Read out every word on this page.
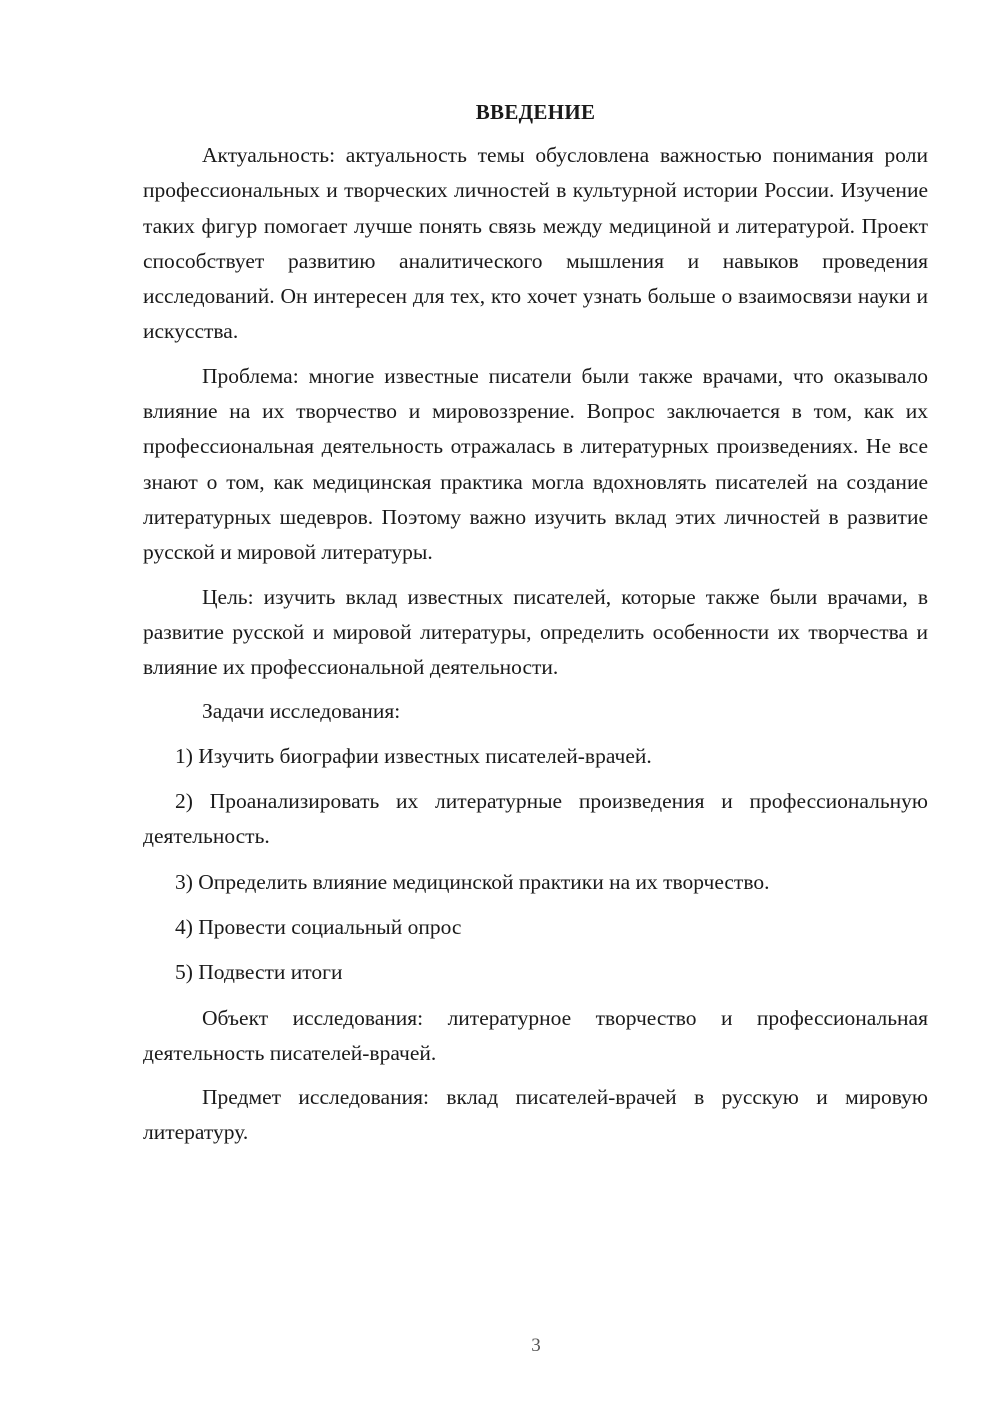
ВВЕДЕНИЕ

Актуальность: актуальность темы обусловлена важностью понимания роли профессиональных и творческих личностей в культурной истории России. Изучение таких фигур помогает лучше понять связь между медициной и литературой. Проект способствует развитию аналитического мышления и навыков проведения исследований. Он интересен для тех, кто хочет узнать больше о взаимосвязи науки и искусства.

Проблема: многие известные писатели были также врачами, что оказывало влияние на их творчество и мировоззрение. Вопрос заключается в том, как их профессиональная деятельность отражалась в литературных произведениях. Не все знают о том, как медицинская практика могла вдохновлять писателей на создание литературных шедевров. Поэтому важно изучить вклад этих личностей в развитие русской и мировой литературы.

Цель: изучить вклад известных писателей, которые также были врачами, в развитие русской и мировой литературы, определить особенности их творчества и влияние их профессиональной деятельности.

Задачи исследования:

1) Изучить биографии известных писателей-врачей.

2) Проанализировать их литературные произведения и профессиональную деятельность.

3) Определить влияние медицинской практики на их творчество.

4) Провести социальный опрос

5) Подвести итоги

Объект исследования: литературное творчество и профессиональная деятельность писателей-врачей.

Предмет исследования: вклад писателей-врачей в русскую и мировую литературу.

3
